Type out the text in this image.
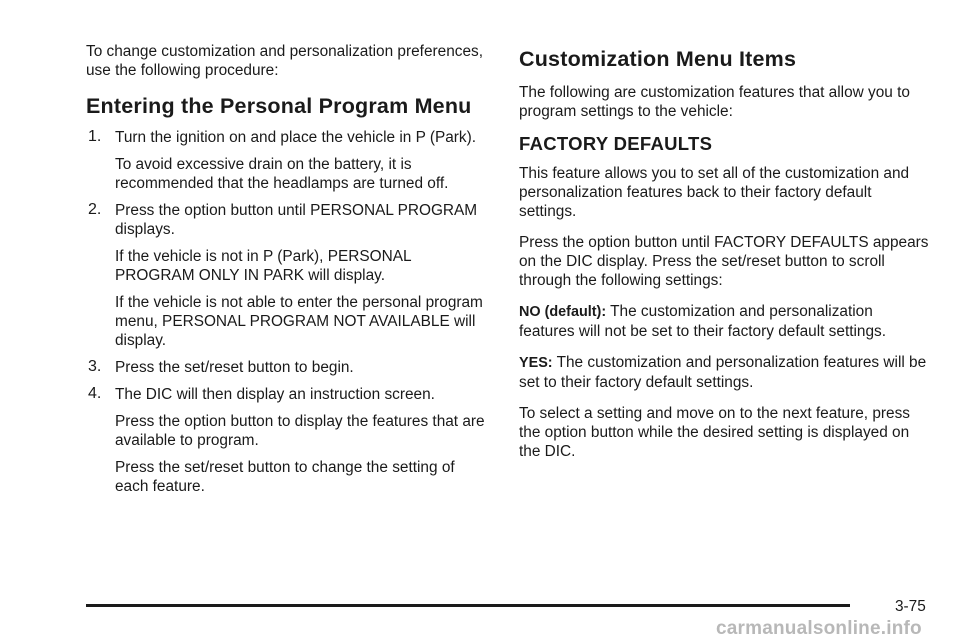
To change customization and personalization preferences, use the following procedure:

Entering the Personal Program Menu
1. Turn the ignition on and place the vehicle in P (Park).

To avoid excessive drain on the battery, it is recommended that the headlamps are turned off.

2. Press the option button until PERSONAL PROGRAM displays.

If the vehicle is not in P (Park), PERSONAL PROGRAM ONLY IN PARK will display.

If the vehicle is not able to enter the personal program menu, PERSONAL PROGRAM NOT AVAILABLE will display.

3. Press the set/reset button to begin.

4. The DIC will then display an instruction screen.

Press the option button to display the features that are available to program.

Press the set/reset button to change the setting of each feature.

Customization Menu Items

The following are customization features that allow you to program settings to the vehicle:

FACTORY DEFAULTS

This feature allows you to set all of the customization and personalization features back to their factory default settings.

Press the option button until FACTORY DEFAULTS appears on the DIC display. Press the set/reset button to scroll through the following settings:

NO (default): The customization and personalization features will not be set to their factory default settings.

YES: The customization and personalization features will be set to their factory default settings.

To select a setting and move on to the next feature, press the option button while the desired setting is displayed on the DIC.

3-75
carmanualsonline.info
